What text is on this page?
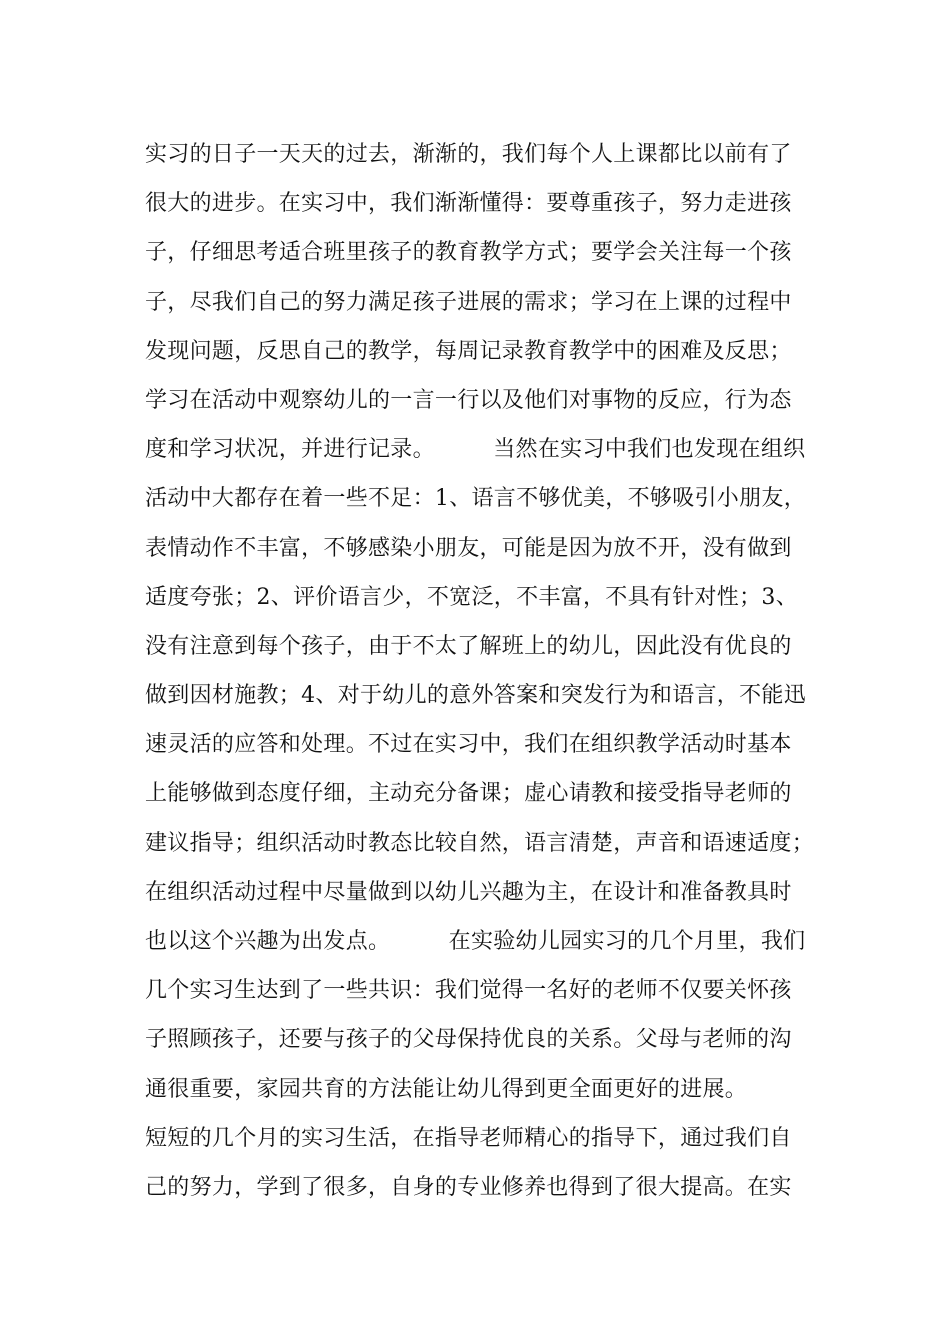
实习的日子一天天的过去，渐渐的，我们每个人上课都比以前有了
很大的进步。在实习中，我们渐渐懂得：要尊重孩子，努力走进孩
子，仔细思考适合班里孩子的教育教学方式；要学会关注每一个孩
子，尽我们自己的努力满足孩子进展的需求；学习在上课的过程中
发现问题，反思自己的教学，每周记录教育教学中的困难及反思；
学习在活动中观察幼儿的一言一行以及他们对事物的反应，行为态
度和学习状况，并进行记录。        当然在实习中我们也发现在组织
活动中大都存在着一些不足：1、语言不够优美，不够吸引小朋友，
表情动作不丰富，不够感染小朋友，可能是因为放不开，没有做到
适度夸张；2、评价语言少，不宽泛，不丰富，不具有针对性；3、
没有注意到每个孩子，由于不太了解班上的幼儿，因此没有优良的
做到因材施教；4、对于幼儿的意外答案和突发行为和语言，不能迅
速灵活的应答和处理。不过在实习中，我们在组织教学活动时基本
上能够做到态度仔细，主动充分备课；虚心请教和接受指导老师的
建议指导；组织活动时教态比较自然，语言清楚，声音和语速适度；
在组织活动过程中尽量做到以幼儿兴趣为主，在设计和准备教具时
也以这个兴趣为出发点。        在实验幼儿园实习的几个月里，我们
几个实习生达到了一些共识：我们觉得一名好的老师不仅要关怀孩
子照顾孩子，还要与孩子的父母保持优良的关系。父母与老师的沟
通很重要，家园共育的方法能让幼儿得到更全面更好的进展。
短短的几个月的实习生活，在指导老师精心的指导下，通过我们自
己的努力，学到了很多，自身的专业修养也得到了很大提高。在实
